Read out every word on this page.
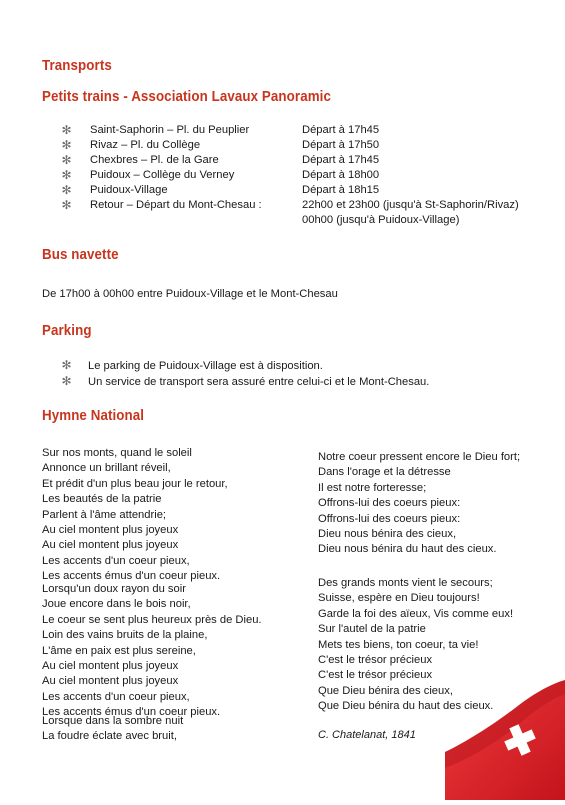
Transports
Petits trains - Association Lavaux Panoramic
✻ Saint-Saphorin – Pl. du Peuplier	Départ à 17h45
✻ Rivaz – Pl. du Collège	Départ à 17h50
✻ Chexbres – Pl. de la Gare	Départ à 17h45
✻ Puidoux – Collège du Verney	Départ à 18h00
✻ Puidoux-Village	Départ à 18h15
✻ Retour – Départ du Mont-Chesau :	22h00 et 23h00 (jusqu'à St-Saphorin/Rivaz)
00h00 (jusqu'à Puidoux-Village)
Bus navette

De 17h00 à 00h00 entre Puidoux-Village et le Mont-Chesau

Parking
✻ Le parking de Puidoux-Village est à disposition.
✻ Un service de transport sera assuré entre celui-ci et le Mont-Chesau.
Hymne National
Sur nos monts, quand le soleil
Annonce un brillant réveil,
Et prédit d'un plus beau jour le retour,
Les beautés de la patrie
Parlent à l'âme attendrie;
Au ciel montent plus joyeux
Au ciel montent plus joyeux
Les accents d'un coeur pieux,
Les accents émus d'un coeur pieux.
Lorsqu'un doux rayon du soir
Joue encore dans le bois noir,
Le coeur se sent plus heureux près de Dieu.
Loin des vains bruits de la plaine,
L'âme en paix est plus sereine,
Au ciel montent plus joyeux
Au ciel montent plus joyeux
Les accents d'un coeur pieux,
Les accents émus d'un coeur pieux.
Lorsque dans la sombre nuit
La foudre éclate avec bruit,
Notre coeur pressent encore le Dieu fort;
Dans l'orage et la détresse
Il est notre forteresse;
Offrons-lui des coeurs pieux:
Offrons-lui des coeurs pieux:
Dieu nous bénira des cieux,
Dieu nous bénira du haut des cieux.
Des grands monts vient le secours;
Suisse, espère en Dieu toujours!
Garde la foi des aïeux, Vis comme eux!
Sur l'autel de la patrie
Mets tes biens, ton coeur, ta vie!
C'est le trésor précieux
C'est le trésor précieux
Que Dieu bénira des cieux,
Que Dieu bénira du haut des cieux.

C. Chatelanat, 1841
